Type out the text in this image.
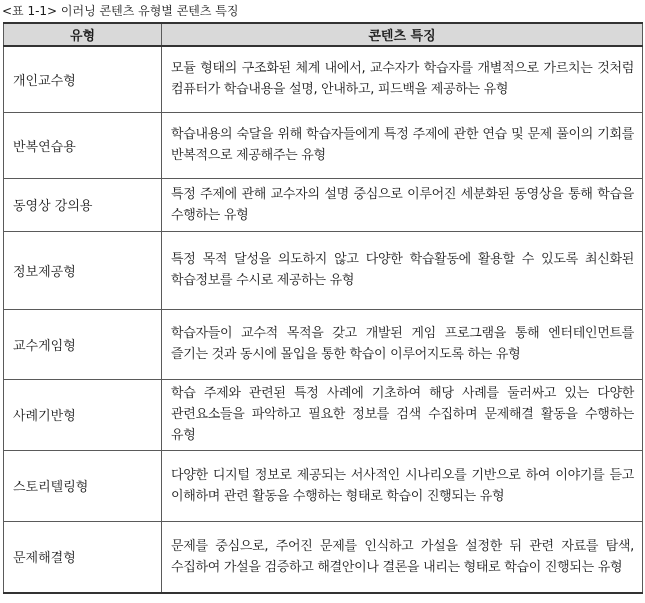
<표 1-1> 이러닝 콘텐츠 유형별 콘텐츠 특징
유형	콘텐츠 특징
개인교수형	모듈 형태의 구조화된 체계 내에서, 교수자가 학습자를 개별적으로 가르치는 것처럼 컴퓨터가 학습내용을 설명, 안내하고, 피드백을 제공하는 유형
반복연습용	학습내용의 숙달을 위해 학습자들에게 특정 주제에 관한 연습 및 문제 풀이의 기회를 반복적으로 제공해주는 유형
동영상 강의용	특정 주제에 관해 교수자의 설명 중심으로 이루어진 세분화된 동영상을 통해 학습을 수행하는 유형
정보제공형	특정 목적 달성을 의도하지 않고 다양한 학습활동에 활용할 수 있도록 최신화된 학습정보를 수시로 제공하는 유형
교수게임형	학습자들이 교수적 목적을 갖고 개발된 게임 프로그램을 통해 엔터테인먼트를 즐기는 것과 동시에 몰입을 통한 학습이 이루어지도록 하는 유형
사례기반형	학습 주제와 관련된 특정 사례에 기초하여 해당 사례를 둘러싸고 있는 다양한 관련요소들을 파악하고 필요한 정보를 검색 수집하며 문제해결 활동을 수행하는 유형
스토리텔링형	다양한 디지털 정보로 제공되는 서사적인 시나리오를 기반으로 하여 이야기를 듣고 이해하며 관련 활동을 수행하는 형태로 학습이 진행되는 유형
문제해결형	문제를 중심으로, 주어진 문제를 인식하고 가설을 설정한 뒤 관련 자료를 탐색, 수집하여 가설을 검증하고 해결안이나 결론을 내리는 형태로 학습이 진행되는 유형
